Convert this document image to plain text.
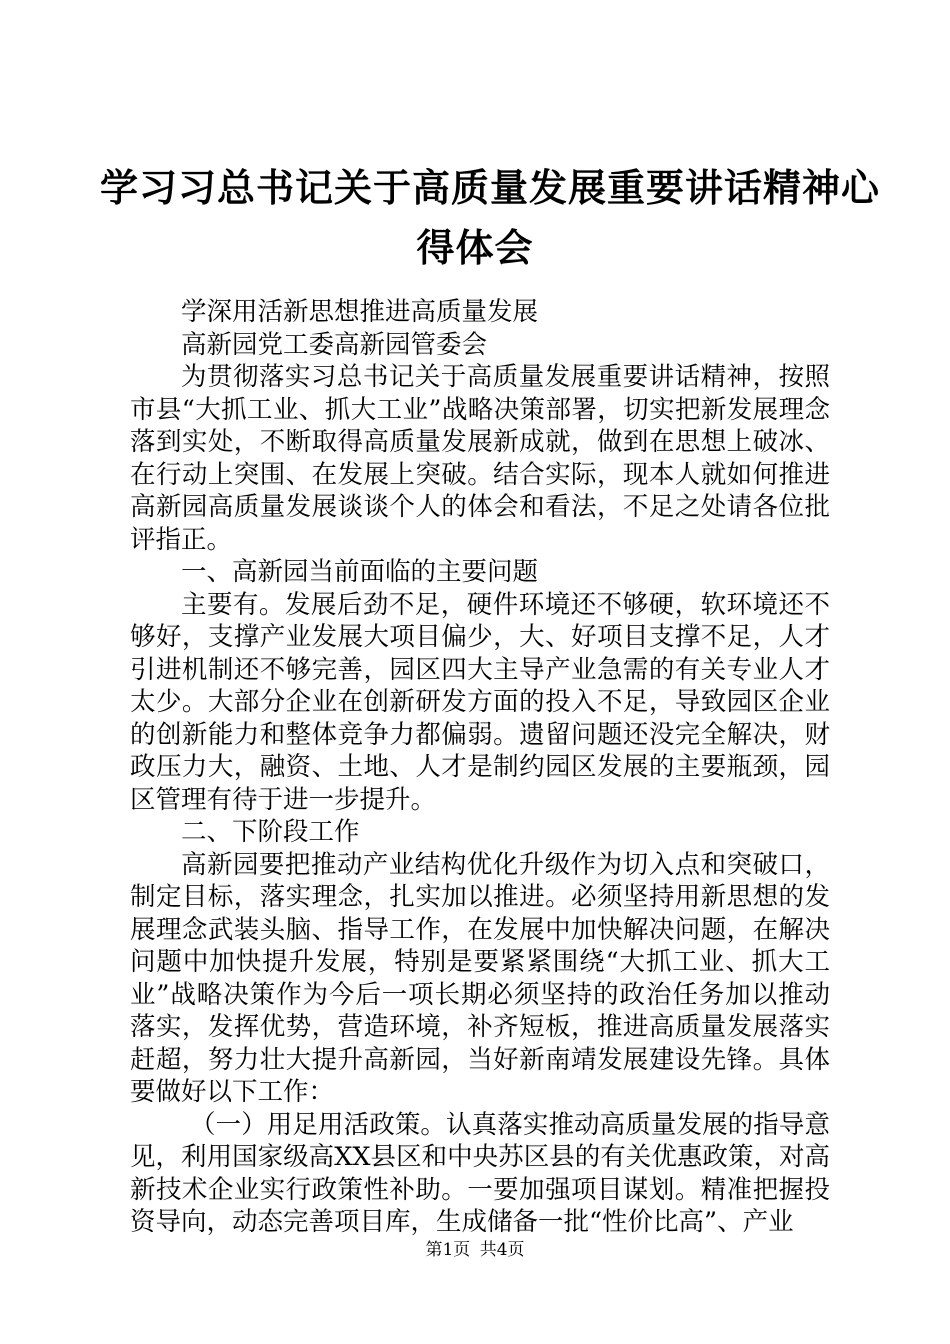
学习习总书记关于高质量发展重要讲话精神心
得体会

学深用活新思想推进高质量发展

高新园党工委高新园管委会

为贯彻落实习总书记关于高质量发展重要讲话精神，按照市县“大抓工业、抓大工业”战略决策部署，切实把新发展理念落到实处，不断取得高质量发展新成就，做到在思想上破冰、在行动上突围、在发展上突破。结合实际，现本人就如何推进高新园高质量发展谈谈个人的体会和看法，不足之处请各位批评指正。

一、高新园当前面临的主要问题

主要有。发展后劲不足，硬件环境还不够硬，软环境还不够好，支撑产业发展大项目偏少，大、好项目支撑不足，人才引进机制还不够完善，园区四大主导产业急需的有关专业人才太少。大部分企业在创新研发方面的投入不足，导致园区企业的创新能力和整体竞争力都偏弱。遗留问题还没完全解决，财政压力大，融资、土地、人才是制约园区发展的主要瓶颈，园区管理有待于进一步提升。

二、下阶段工作

高新园要把推动产业结构优化升级作为切入点和突破口，制定目标，落实理念，扎实加以推进。必须坚持用新思想的发展理念武装头脑、指导工作，在发展中加快解决问题，在解决问题中加快提升发展，特别是要紧紧围绕“大抓工业、抓大工业”战略决策作为今后一项长期必须坚持的政治任务加以推动落实，发挥优势，营造环境，补齐短板，推进高质量发展落实赶超，努力壮大提升高新园，当好新南靖发展建设先锋。具体要做好以下工作：

（一）用足用活政策。认真落实推动高质量发展的指导意见，利用国家级高XX县区和中央苏区县的有关优惠政策，对高新技术企业实行政策性补助。一要加强项目谋划。精准把握投资导向，动态完善项目库，生成储备一批“性价比高”、产业

第1页 共4页
